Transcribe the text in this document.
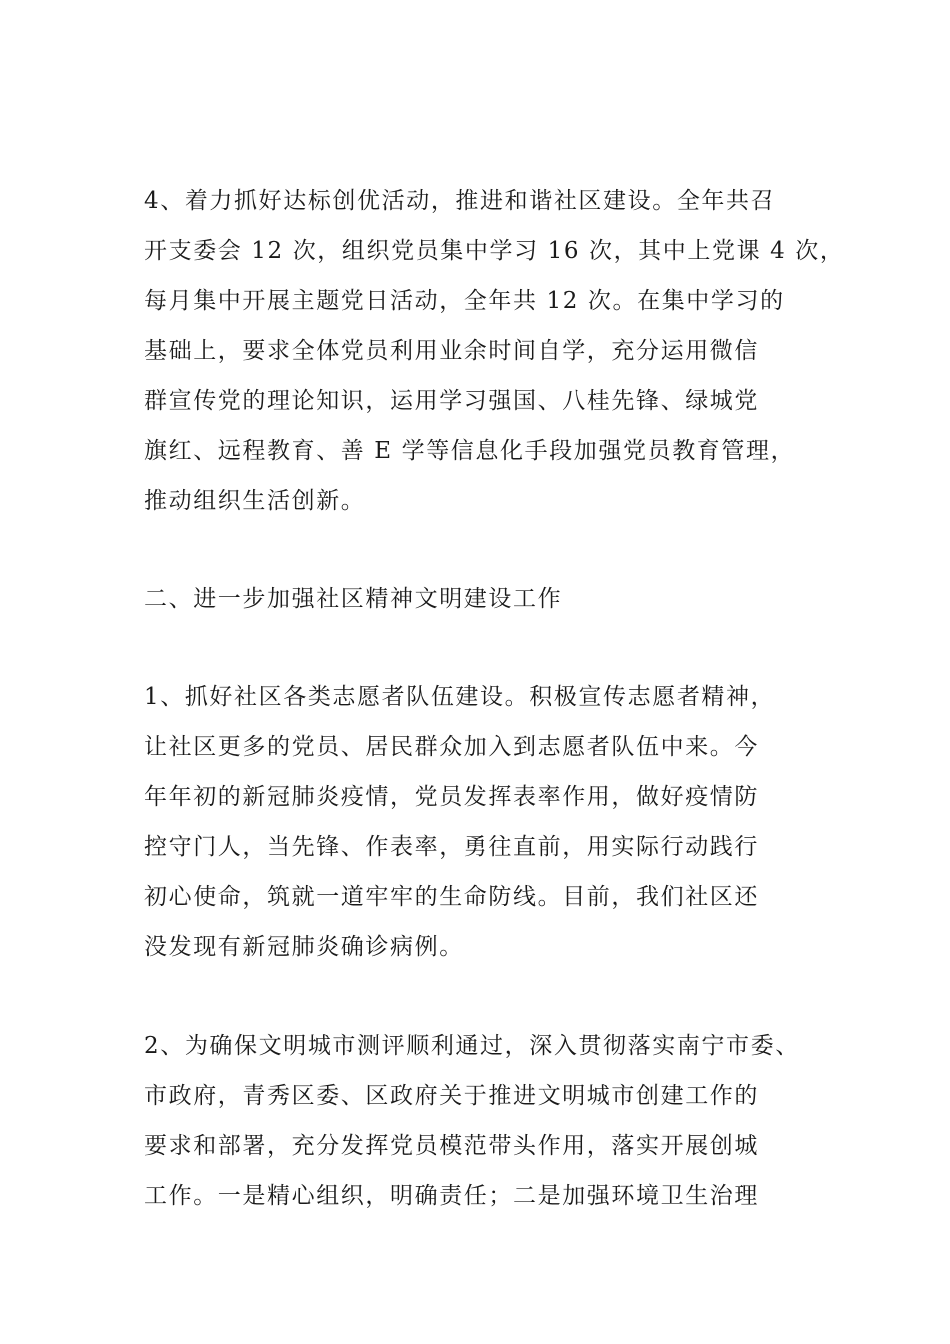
4、着力抓好达标创优活动，推进和谐社区建设。全年共召

开支委会 12 次，组织党员集中学习 16 次，其中上党课 4 次，

每月集中开展主题党日活动，全年共 12 次。在集中学习的

基础上，要求全体党员利用业余时间自学，充分运用微信

群宣传党的理论知识，运用学习强国、八桂先锋、绿城党

旗红、远程教育、善 E 学等信息化手段加强党员教育管理，

推动组织生活创新。

二、进一步加强社区精神文明建设工作

1、抓好社区各类志愿者队伍建设。积极宣传志愿者精神，

让社区更多的党员、居民群众加入到志愿者队伍中来。今

年年初的新冠肺炎疫情，党员发挥表率作用，做好疫情防

控守门人，当先锋、作表率，勇往直前，用实际行动践行

初心使命，筑就一道牢牢的生命防线。目前，我们社区还

没发现有新冠肺炎确诊病例。

2、为确保文明城市测评顺利通过，深入贯彻落实南宁市委、

市政府，青秀区委、区政府关于推进文明城市创建工作的

要求和部署，充分发挥党员模范带头作用，落实开展创城

工作。一是精心组织，明确责任；二是加强环境卫生治理
